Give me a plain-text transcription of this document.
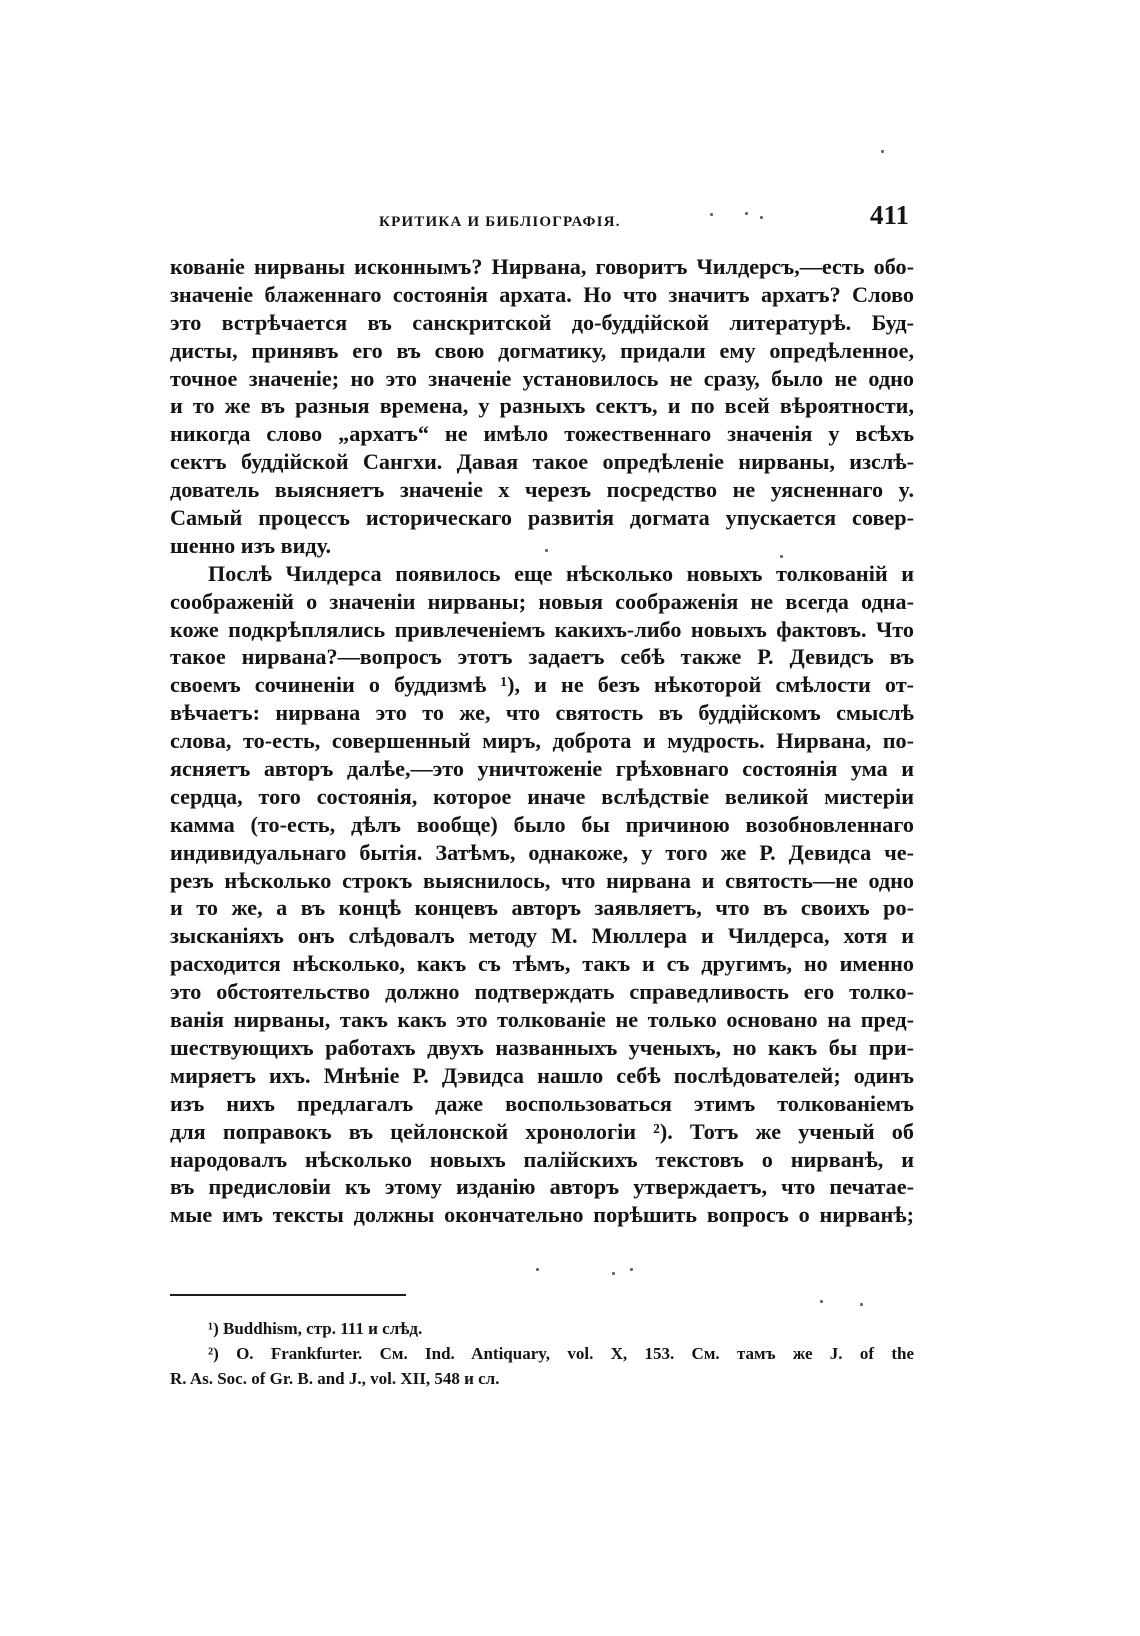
КРИТИКА И БИБЛІОГРАФІЯ.	411
кованіе нирваны исконнымъ? Нирвана, говоритъ Чилдерсъ,—есть обо-
значеніе блаженнаго состоянія архата. Но что значитъ архатъ? Слово
это встрѣчается въ санскритской до-буддійской литературѣ. Буд-
дисты, принявъ его въ свою догматику, придали ему опредѣленное,
точное значеніе; но это значеніе установилось не сразу, было не одно
и то же въ разныя времена, у разныхъ сектъ, и по всей вѣроятности,
никогда слово „архатъ“ не имѣло тожественнаго значенія у всѣхъ
сектъ буддійской Сангхи. Давая такое опредѣленіе нирваны, изслѣ-
дователь выясняетъ значеніе x черезъ посредство не уясненнаго y.
Самый процессъ историческаго развитія догмата упускается совер-
шенно изъ виду.
Послѣ Чилдерса появилось еще нѣсколько новыхъ толкованій и
соображеній о значеніи нирваны; новыя соображенія не всегда одна-
коже подкрѣплялись привлеченіемъ какихъ-либо новыхъ фактовъ. Что
такое нирвана?—вопросъ этотъ задаетъ себѣ также Р. Девидсъ въ
своемъ сочиненіи о буддизмѣ ¹), и не безъ нѣкоторой смѣлости от-
вѣчаетъ: нирвана это то же, что святость въ буддійскомъ смыслѣ
слова, то-есть, совершенный миръ, доброта и мудрость. Нирвана, по-
ясняетъ авторъ далѣе,—это уничтоженіе грѣховнаго состоянія ума и
сердца, того состоянія, которое иначе вслѣдствіе великой мистеріи
камма (то-есть, дѣлъ вообще) было бы причиною возобновленнаго
индивидуальнаго бытія. Затѣмъ, однакоже, у того же Р. Девидса че-
резъ нѣсколько строкъ выяснилось, что нирвана и святость—не одно
и то же, а въ концѣ концевъ авторъ заявляетъ, что въ своихъ ро-
зысканіяхъ онъ слѣдовалъ методу М. Мюллера и Чилдерса, хотя и
расходится нѣсколько, какъ съ тѣмъ, такъ и съ другимъ, но именно
это обстоятельство должно подтверждать справедливость его толко-
ванія нирваны, такъ какъ это толкованіе не только основано на пред-
шествующихъ работахъ двухъ названныхъ ученыхъ, но какъ бы при-
миряетъ ихъ. Мнѣніе Р. Дэвидса нашло себѣ послѣдователей; одинъ
изъ нихъ предлагалъ даже воспользоваться этимъ толкованіемъ
для поправокъ въ цейлонской хронологіи ²). Тотъ же ученый об
народовалъ нѣсколько новыхъ палійскихъ текстовъ о нирванѣ, и
въ предисловіи къ этому изданію авторъ утверждаетъ, что печатае-
мые имъ тексты должны окончательно порѣшить вопросъ о нирванѣ;
¹) Buddhism, стр. 111 и слѣд.
²) O. Frankfurter. См. Ind. Antiquary, vol. X, 153. См. тамъ же J. of the
R. As. Soc. of Gr. B. and J., vol. XII, 548 и сл.
